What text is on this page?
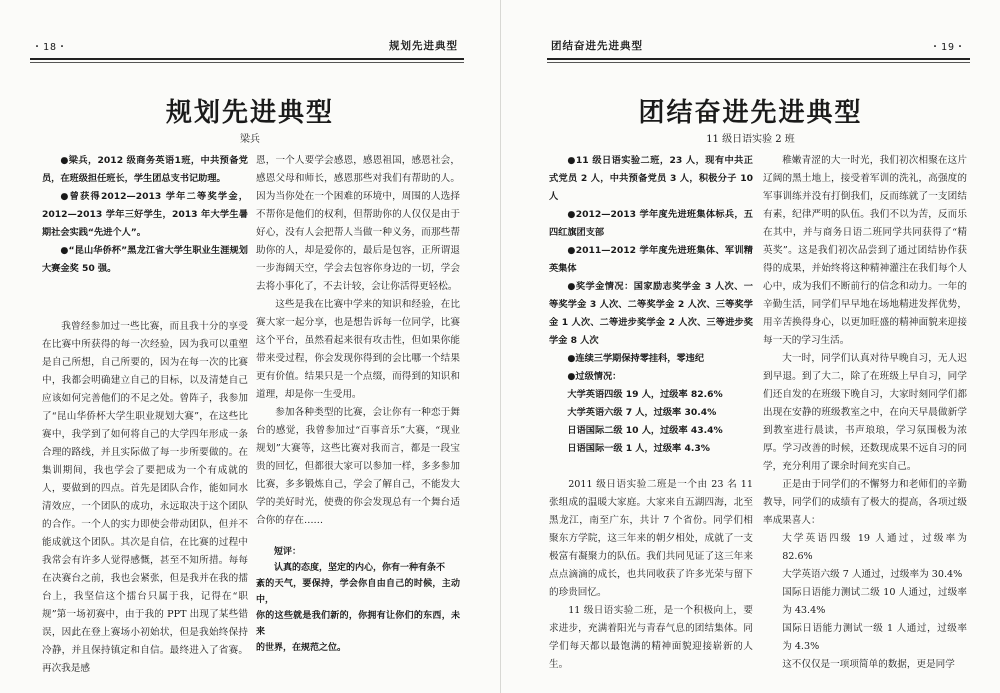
・18・	规划先进典型
规划先进典型
梁兵

● 梁兵，2012 级商务英语1班，中共预备党员，在班级担任班长，学生团总支书记助理。

● 曾获得2012—2013 学年二等奖学金，2012—2013 学年三好学生，2013 年大学生暑期社会实践“先进个人”。

● “昆山华侨杯”黑龙江省大学生职业生涯规划大赛金奖 50 强。

我曾经参加过一些比赛，而且我十分的享受在比赛中所获得的每一次经验，因为我可以重塑是自己所想，自己所要的，因为在每一次的比赛中，我都会明确建立自己的目标，以及清楚自己应该如何完善他们的不足之处。曾阵子，我参加了“昆山华侨杯大学生职业规划大赛”，在这些比赛中，我学到了如何将自己的大学四年形成一条合理的路线，并且实际做了每一步所要做的。在集训期间，我也学会了要把成为一个有成就的人，要做到的四点。首先是团队合作，能如同水清效应，一个团队的成功，永远取决于这个团队的合作。一个人的实力即使会带动团队，但并不能成就这个团队。其次是自信，在比赛的过程中我常会有许多人觉得感慨，甚至不知所措。每每在决赛台之前，我也会紧张，但是我并在我的擂台上，我坚信这个擂台只属于我，记得在“职规”第一场初赛中，由于我的 PPT 出现了某些错误，因此在登上赛场小初始状，但是我始终保持冷静，并且保持镇定和自信。最终进入了省赛。再次我是感

恩，一个人要学会感恩，感恩祖国，感恩社会，感恩父母和师长，感恩那些对我们有帮助的人。因为当你处在一个困难的环境中，周围的人选择不帮你是他们的权利，但帮助你的人仅仅是由于好心，没有人会把帮人当做一种义务，而那些帮助你的人，却是爱你的，最后是包容，正所谓退一步海阔天空，学会去包容你身边的一切，学会去将小事化了，不去计较，会让你活得更轻松。

这些是我在比赛中学来的知识和经验，在比赛大家一起分享，也是想告诉每一位同学，比赛这个平台，虽然看起来很有攻击性，但如果你能带来受过程，你会发现你得到的会比哪一个结果更有价值。结果只是一个点缀，而得到的知识和道理，却是你一生受用。

参加各种类型的比赛，会让你有一种恋于舞台的感觉，我曾参加过“百事音乐”大赛，“现业规划”大赛等，这些比赛对我而言，都是一段宝贵的回忆，但都很大家可以参加一样，多多参加比赛，多多锻炼自己，学会了解自己，不能发大学的美好时光，使费的你会发现总有一个舞台适合你的存在……

短评：
认真的态度，坚定的内心，你有一种有条不
紊的天气，要保持，学会你自由自己的时候，主动中，
你的这些就是我们新的，你拥有让你们的东西，未来
的世界，在规范之位。
团结奋进先进典型	・19・
团结奋进先进典型
11 级日语实验 2 班

● 11 级日语实验二班，23 人，现有中共正式党员 2 人，中共预备党员 3 人，积极分子 10 人

● 2012—2013 学年度先进班集体标兵，五四红旗团支部

● 2011—2012 学年度先进班集体、军训精英集体

● 奖学金情况：国家励志奖学金 3 人次、一等奖学金 3 人次、二等奖学金 2 人次、三等奖学金 1 人次、二等进步奖学金 2 人次、三等进步奖学金 8 人次

● 连续三学期保持零挂科，零违纪

● 过级情况：

大学英语四级 19 人，过级率 82.6%

大学英语六级 7 人，过级率 30.4%

日语国际二级 10 人，过级率 43.4%

日语国际一级 1 人，过级率 4.3%

2011 级日语实验二班是一个由 23 名 11 张组成的温暖大家庭。大家来自五湖四海，北至黑龙江，南至广东，共计 7 个省份。同学们相聚东方学院，这三年来的朝夕相处，成就了一支极富有凝聚力的队伍。我们共同见证了这三年来点点滴滴的成长，也共同收获了许多光荣与留下的珍贵回忆。

11 级日语实验二班，是一个积极向上，要求进步，充满着阳光与青春气息的团结集体。同学们每天都以最饱满的精神面貌迎接崭新的人生。

稚嫩青涩的大一时光，我们初次相聚在这片辽阔的黑土地上，接受着军训的洗礼，高强度的军事训练并没有打倒我们，反而练就了一支团结有素，纪律严明的队伍。我们不以为苦，反而乐在其中，并与商务日语二班同学共同获得了“精英奖”。这是我们初次品尝到了通过团结协作获得的成果，并始终将这种精神灌注在我们每个人心中，成为我们不断前行的信念和动力。一年的辛勤生活，同学们早早地在场地精进发挥优势，用辛苦换得身心，以更加旺盛的精神面貌来迎接每一天的学习生活。

大一时，同学们认真对待早晚自习，无人迟到早退。到了大二，除了在班级上早自习，同学们还自发的在班级下晚自习，大家时刻同学们都出现在安静的班级教室之中，在向天早晨做新学到教室进行晨读，书声琅琅，学习氛围极为浓厚。学习改善的时候，还数现成果不远自习的同学，充分利用了课余时间充实自己。

正是由于同学们的不懈努力和老师们的辛勤教导，同学们的成绩有了极大的提高，各项过级率成果喜人：

大学英语四级 19 人通过，过级率为 82.6%

大学英语六级 7 人通过，过级率为 30.4%

国际日语能力测试二级 10 人通过，过级率为 43.4%

国际日语能力测试一级 1 人通过，过级率为 4.3%

这不仅仅是一项项简单的数据，更是同学
